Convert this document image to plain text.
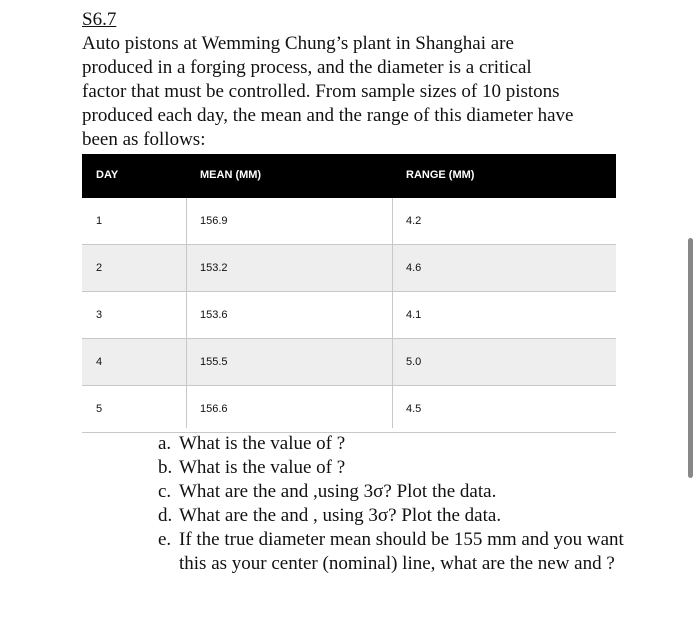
S6.7
Auto pistons at Wemming Chung’s plant in Shanghai are
produced in a forging process, and the diameter is a critical
factor that must be controlled. From sample sizes of 10 pistons
produced each day, the mean and the range of this diameter have
been as follows:
DAY	MEAN (MM)	RANGE (MM)
1	156.9	4.2
2	153.2	4.6
3	153.6	4.1
4	155.5	5.0
5	156.6	4.5
a. What is the value of ?
b. What is the value of ?
c. What are the and ,using 3σ? Plot the data.
d. What are the and , using 3σ? Plot the data.
e. If the true diameter mean should be 155 mm and you want this as your center (nominal) line, what are the new and ?
